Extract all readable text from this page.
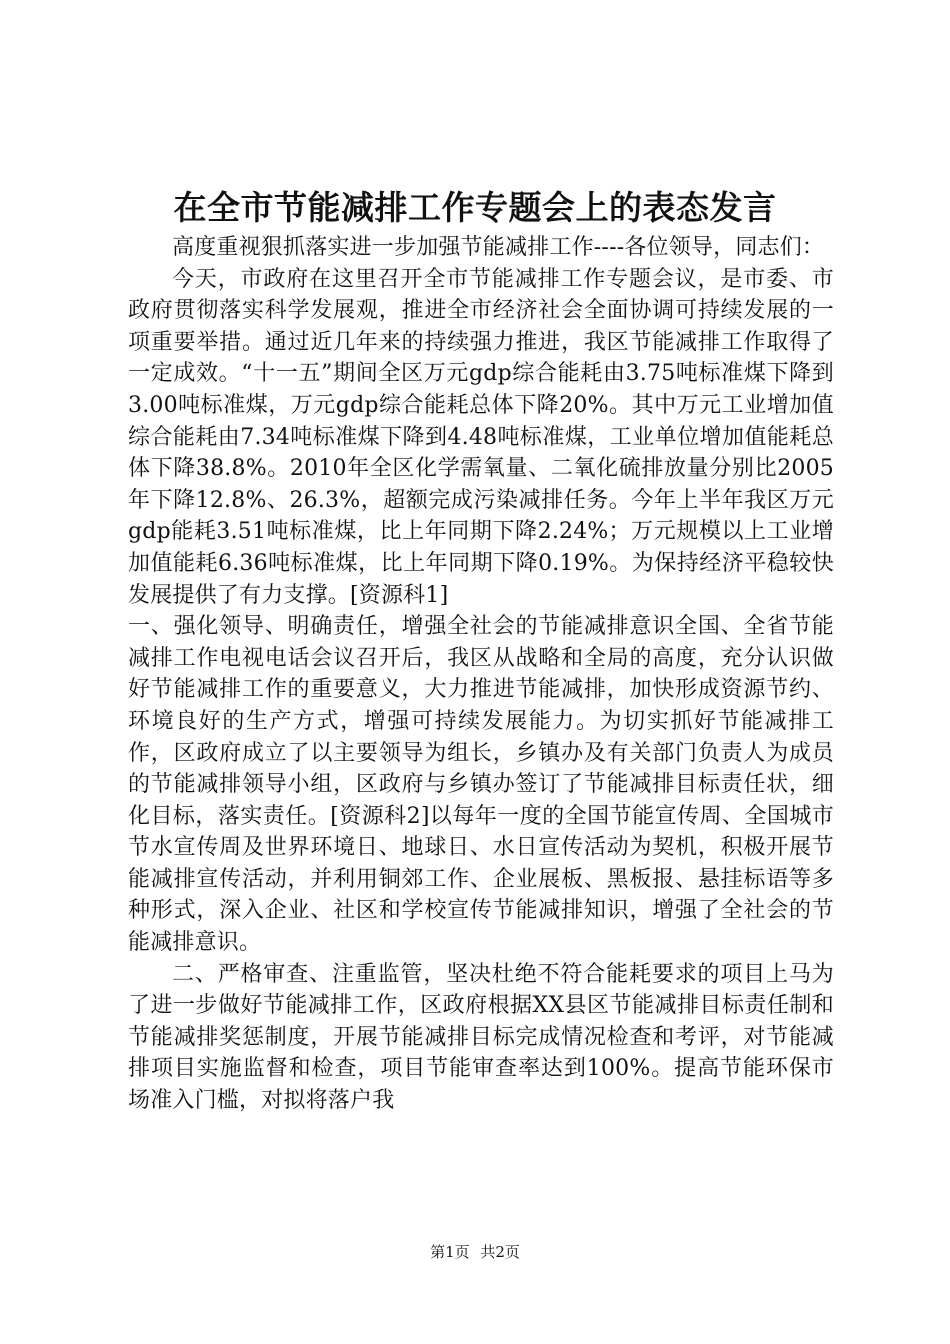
在全市节能减排工作专题会上的表态发言

高度重视狠抓落实进一步加强节能减排工作----各位领导，同志们：

今天，市政府在这里召开全市节能减排工作专题会议，是市委、市政府贯彻落实科学发展观，推进全市经济社会全面协调可持续发展的一项重要举措。通过近几年来的持续强力推进，我区节能减排工作取得了一定成效。“十一五”期间全区万元gdp综合能耗由3.75吨标准煤下降到3.00吨标准煤，万元gdp综合能耗总体下降20%。其中万元工业增加值综合能耗由7.34吨标准煤下降到4.48吨标准煤，工业单位增加值能耗总体下降38.8%。2010年全区化学需氧量、二氧化硫排放量分别比2005年下降12.8%、26.3%，超额完成污染减排任务。今年上半年我区万元gdp能耗3.51吨标准煤，比上年同期下降2.24%；万元规模以上工业增加值能耗6.36吨标准煤，比上年同期下降0.19%。为保持经济平稳较快发展提供了有力支撑。[资源科1]

一、强化领导、明确责任，增强全社会的节能减排意识全国、全省节能减排工作电视电话会议召开后，我区从战略和全局的高度，充分认识做好节能减排工作的重要意义，大力推进节能减排，加快形成资源节约、环境良好的生产方式，增强可持续发展能力。为切实抓好节能减排工作，区政府成立了以主要领导为组长，乡镇办及有关部门负责人为成员的节能减排领导小组，区政府与乡镇办签订了节能减排目标责任状，细化目标，落实责任。[资源科2]以每年一度的全国节能宣传周、全国城市节水宣传周及世界环境日、地球日、水日宣传活动为契机，积极开展节能减排宣传活动，并利用铜郊工作、企业展板、黑板报、悬挂标语等多种形式，深入企业、社区和学校宣传节能减排知识，增强了全社会的节能减排意识。

二、严格审查、注重监管，坚决杜绝不符合能耗要求的项目上马为了进一步做好节能减排工作，区政府根据XX县区节能减排目标责任制和节能减排奖惩制度，开展节能减排目标完成情况检查和考评，对节能减排项目实施监督和检查，项目节能审查率达到100%。提高节能环保市场准入门槛，对拟将落户我

第1页 共2页
